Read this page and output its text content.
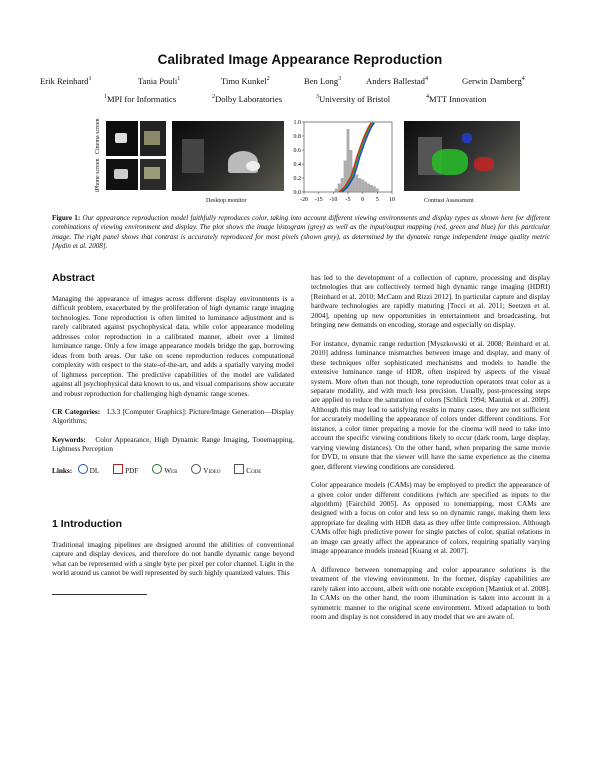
Calibrated Image Appearance Reproduction
Erik Reinhard$^1$	Tania Pouli$^1$	Timo Kunkel$^2$	Ben Long$^3$	Anders Ballestad$^4$	Gerwin Damberg$^4$
$^1$MPI for Informatics	$^2$Dolby Laboratories	$^3$University of Bristol	$^4$MTT Innovation
Cinema screen
iPhone screen
Desktop monitor
0.0
0.2
0.4
0.6
0.8
1.0
-20 -15 -10 -5 0 5 10	Contrast Assessment
Figure 1: Our appearance reproduction model faithfully reproduces color, taking into account different viewing environments and display types as shown here for different combinations of viewing environment and display. The plot shows the image histogram (grey) as well as the input/output mapping (red, green and blue) for this particular image. The right panel shows that contrast is accurately reproduced for most pixels (shown grey), as determined by the dynamic range independent image quality metric [Aydin et al. 2008].
Abstract

Managing the appearance of images across different display environments is a difficult problem, exacerbated by the proliferation of high dynamic range imaging technologies. Tone reproduction is often limited to luminance adjustment and is rarely calibrated against psychophysical data, while color appearance modeling addresses color reproduction in a calibrated manner, albeit over a limited luminance range. Only a few image appearance models bridge the gap, borrowing ideas from both areas. Our take on scene reproduction reduces computational complexity with respect to the state-of-the-art, and adds a spatially varying model of lightness perception. The predictive capabilities of the model are validated against all psychophysical data known to us, and visual comparisons show accurate and robust reproduction for challenging high dynamic range scenes.

CR Categories: I.3.3 [Computer Graphics]: Picture/Image Generation—Display Algorithms;

Keywords: Color Appearance, High Dynamic Range Imaging, Tonemapping, Lightness Perception

Links: DL	PDF	Web	Video	Code

1 Introduction

Traditional imaging pipelines are designed around the abilities of conventional capture and display devices, and therefore do not handle dynamic range beyond what can be represented with a single byte per pixel per color channel. Light in the world around us cannot be well represented by such highly quantized values. This

has led to the development of a collection of capture, processing and display technologies that are collectively termed high dynamic range imaging (HDRI) [Reinhard et al. 2010; McCann and Rizzi 2012]. In particular capture and display hardware technologies are rapidly maturing [Tocci et al. 2011; Seetzen et al. 2004], opening up new opportunities in entertainment and broadcasting, but bringing new demands on encoding, storage and especially on display.

For instance, dynamic range reduction [Myszkowski et al. 2008; Reinhard et al. 2010] address luminance mismatches between image and display, and many of these techniques offer sophisticated mechanisms and models to handle the extensive luminance range of HDR, often inspired by aspects of the visual system. More often than not though, tone reproduction operators treat color as a separate modality, and with much less precision. Usually, post-processing steps are applied to reduce the saturation of colors [Schlick 1994; Mantiuk et al. 2009]. Although this may lead to satisfying results in many cases, they are not sufficient for accurately modelling the appearance of colors under different conditions. For instance, a color timer preparing a movie for the cinema will need to take into account the specific viewing conditions likely to occur (dark room, large display, varying viewing distances). On the other hand, when preparing the same movie for DVD, to ensure that the viewer will have the same experience as the cinema goer, different viewing conditions are considered.

Color appearance models (CAMs) may be employed to predict the appearance of a given color under different conditions (which are specified as inputs to the algorithm) [Fairchild 2005]. As opposed to tonemapping, most CAMs are designed with a focus on color and less so on dynamic range, making them less appropriate for dealing with HDR data as they offer little compression. Although CAMs offer high predictive power for single patches of color, spatial relations in an image can greatly affect the appearance of colors, requiring spatially varying image appearance models instead [Kuang et al. 2007].

A difference between tonemapping and color appearance solutions is the treatment of the viewing environment. In the former, display capabilities are rarely taken into account, albeit with one notable exception [Mantiuk et al. 2008]. In CAMs on the other hand, the room illumination is taken into account in a symmetric manner to the original scene environment. Mixed adaptation to both room and display is not considered in any model that we are aware of.
